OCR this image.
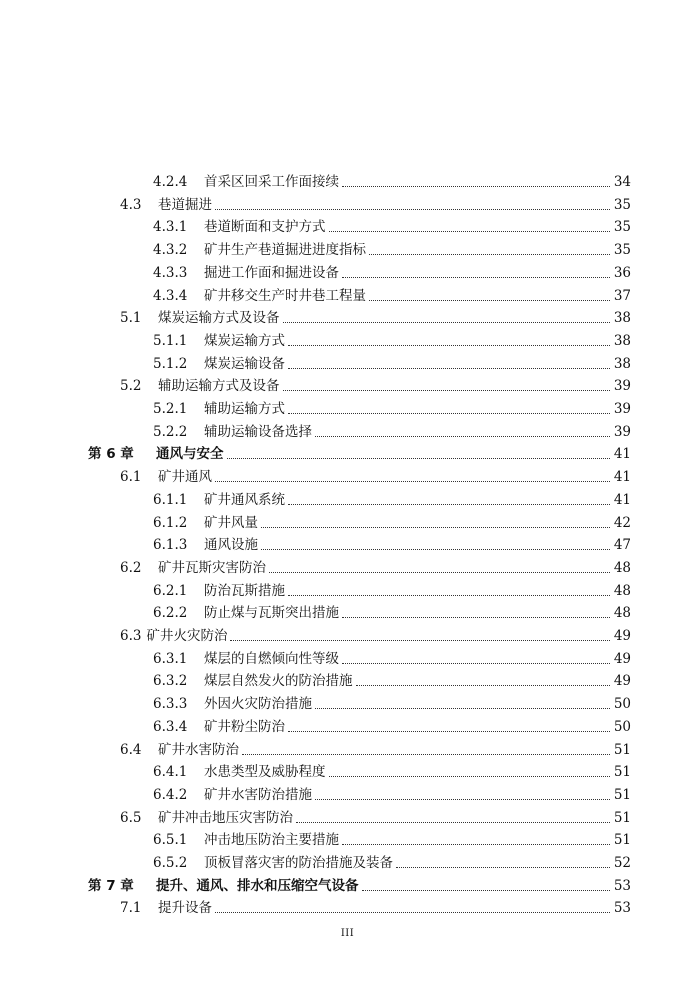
4.2.4	首采区回采工作面接续	34
4.3	巷道掘进	35
4.3.1	巷道断面和支护方式	35
4.3.2	矿井生产巷道掘进进度指标	35
4.3.3	掘进工作面和掘进设备	36
4.3.4	矿井移交生产时井巷工程量	37
5.1	煤炭运输方式及设备	38
5.1.1	煤炭运输方式	38
5.1.2	煤炭运输设备	38
5.2	辅助运输方式及设备	39
5.2.1	辅助运输方式	39
5.2.2	辅助运输设备选择	39
第 6 章	通风与安全	41
6.1	矿井通风	41
6.1.1	矿井通风系统	41
6.1.2	矿井风量	42
6.1.3	通风设施	47
6.2	矿井瓦斯灾害防治	48
6.2.1	防治瓦斯措施	48
6.2.2	防止煤与瓦斯突出措施	48
6.3 矿井火灾防治	49
6.3.1	煤层的自燃倾向性等级	49
6.3.2	煤层自然发火的防治措施	49
6.3.3	外因火灾防治措施	50
6.3.4	矿井粉尘防治	50
6.4	矿井水害防治	51
6.4.1	水患类型及威胁程度	51
6.4.2	矿井水害防治措施	51
6.5	矿井冲击地压灾害防治	51
6.5.1	冲击地压防治主要措施	51
6.5.2	顶板冒落灾害的防治措施及装备	52
第 7 章	提升、通风、排水和压缩空气设备	53
7.1	提升设备	53
III
